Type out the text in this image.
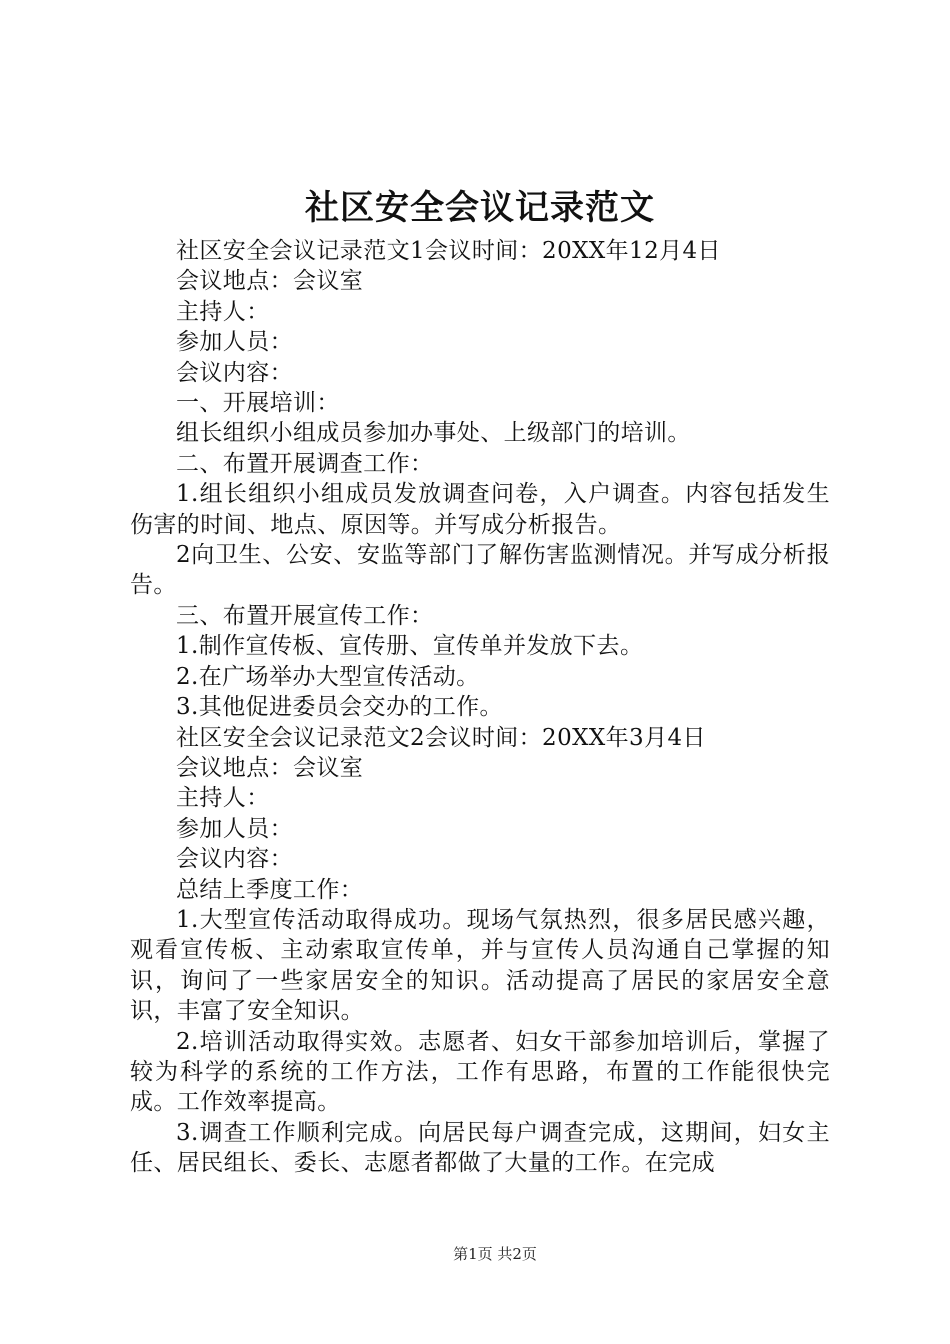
社区安全会议记录范文

社区安全会议记录范文1会议时间：20XX年12月4日

会议地点：会议室

主持人：

参加人员：

会议内容：

一、开展培训：

组长组织小组成员参加办事处、上级部门的培训。

二、布置开展调查工作：

1.组长组织小组成员发放调查问卷，入户调查。内容包括发生伤害的时间、地点、原因等。并写成分析报告。

2向卫生、公安、安监等部门了解伤害监测情况。并写成分析报告。

三、布置开展宣传工作：

1.制作宣传板、宣传册、宣传单并发放下去。

2.在广场举办大型宣传活动。

3.其他促进委员会交办的工作。

社区安全会议记录范文2会议时间：20XX年3月4日

会议地点：会议室

主持人：

参加人员：

会议内容：

总结上季度工作：

1.大型宣传活动取得成功。现场气氛热烈，很多居民感兴趣，观看宣传板、主动索取宣传单，并与宣传人员沟通自己掌握的知识，询问了一些家居安全的知识。活动提高了居民的家居安全意识，丰富了安全知识。

2.培训活动取得实效。志愿者、妇女干部参加培训后，掌握了较为科学的系统的工作方法，工作有思路，布置的工作能很快完成。工作效率提高。

3.调查工作顺利完成。向居民每户调查完成，这期间，妇女主任、居民组长、委长、志愿者都做了大量的工作。在完成

第1页 共2页
